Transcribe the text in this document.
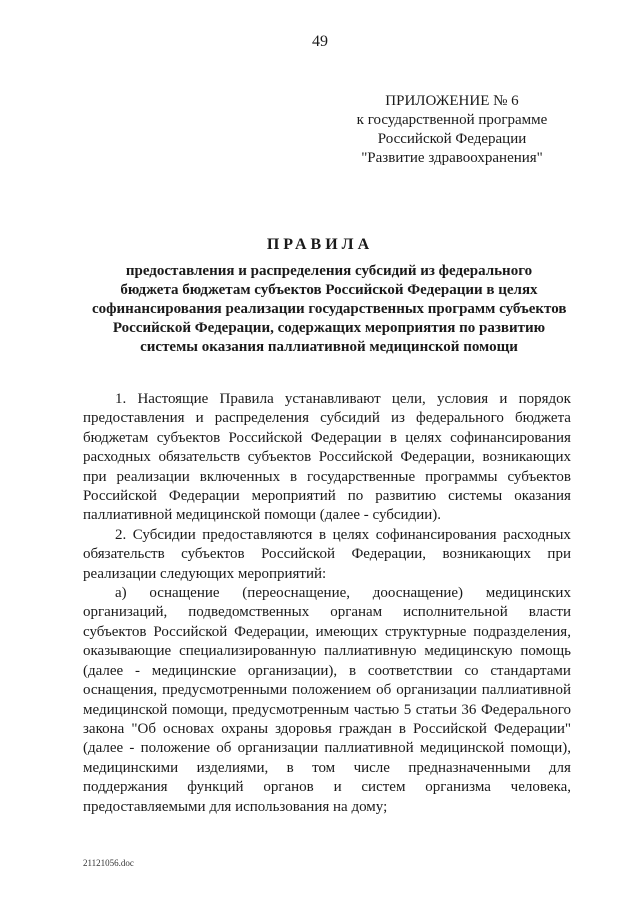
49
ПРИЛОЖЕНИЕ № 6
к государственной программе
Российской Федерации
"Развитие здравоохранения"
ПРАВИЛА
предоставления и распределения субсидий из федерального
бюджета бюджетам субъектов Российской Федерации в целях
софинансирования реализации государственных программ субъектов
Российской Федерации, содержащих мероприятия по развитию
системы оказания паллиативной медицинской помощи
1. Настоящие Правила устанавливают цели, условия и порядок
предоставления и распределения субсидий из федерального бюджета
бюджетам субъектов Российской Федерации в целях софинансирования
расходных обязательств субъектов Российской Федерации, возникающих
при реализации включенных в государственные программы субъектов
Российской Федерации мероприятий по развитию системы оказания
паллиативной медицинской помощи (далее - субсидии).
2. Субсидии предоставляются в целях софинансирования расходных
обязательств субъектов Российской Федерации, возникающих при
реализации следующих мероприятий:
а) оснащение (переоснащение, дооснащение) медицинских
организаций, подведомственных органам исполнительной власти
субъектов Российской Федерации, имеющих структурные подразделения,
оказывающие специализированную паллиативную медицинскую помощь
(далее - медицинские организации), в соответствии со стандартами
оснащения, предусмотренными положением об организации паллиативной
медицинской помощи, предусмотренным частью 5 статьи 36 Федерального
закона "Об основах охраны здоровья граждан в Российской Федерации"
(далее - положение об организации паллиативной медицинской помощи),
медицинскими изделиями, в том числе предназначенными для
поддержания функций органов и систем организма человека,
предоставляемыми для использования на дому;
21121056.doc
